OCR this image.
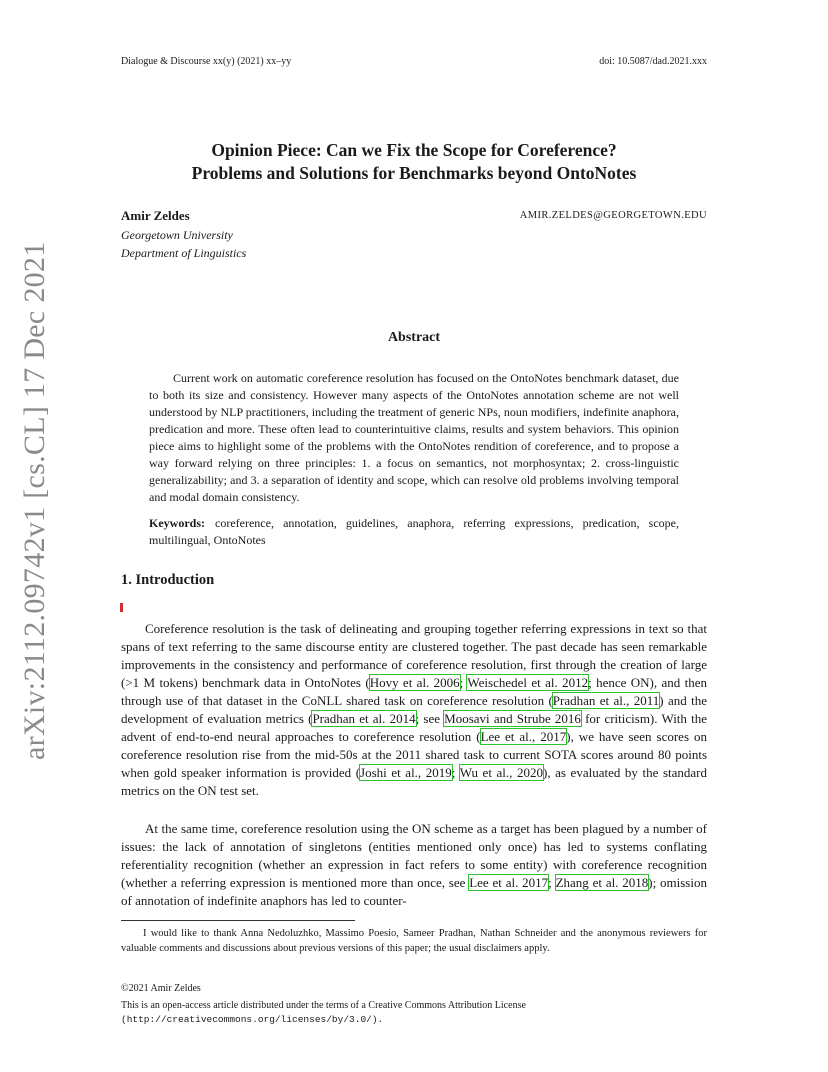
Dialogue & Discourse xx(y) (2021) xx–yy	doi: 10.5087/dad.2021.xxx
arXiv:2112.09742v1 [cs.CL] 17 Dec 2021
Opinion Piece: Can we Fix the Scope for Coreference?
Problems and Solutions for Benchmarks beyond OntoNotes
Amir Zeldes	AMIR.ZELDES@GEORGETOWN.EDU
Georgetown University
Department of Linguistics
Abstract

Current work on automatic coreference resolution has focused on the OntoNotes benchmark dataset, due to both its size and consistency. However many aspects of the OntoNotes annotation scheme are not well understood by NLP practitioners, including the treatment of generic NPs, noun modifiers, indefinite anaphora, predication and more. These often lead to counterintuitive claims, results and system behaviors. This opinion piece aims to highlight some of the problems with the OntoNotes rendition of coreference, and to propose a way forward relying on three principles: 1. a focus on semantics, not morphosyntax; 2. cross-linguistic generalizability; and 3. a separation of identity and scope, which can resolve old problems involving temporal and modal domain consistency.

Keywords: coreference, annotation, guidelines, anaphora, referring expressions, predication, scope, multilingual, OntoNotes
1. Introduction

Coreference resolution is the task of delineating and grouping together referring expressions in text so that spans of text referring to the same discourse entity are clustered together. The past decade has seen remarkable improvements in the consistency and performance of coreference resolution, first through the creation of large (>1 M tokens) benchmark data in OntoNotes (Hovy et al. 2006; Weischedel et al. 2012; hence ON), and then through use of that dataset in the CoNLL shared task on coreference resolution (Pradhan et al., 2011) and the development of evaluation metrics (Pradhan et al. 2014; see Moosavi and Strube 2016 for criticism). With the advent of end-to-end neural approaches to coreference resolution (Lee et al., 2017), we have seen scores on coreference resolution rise from the mid-50s at the 2011 shared task to current SOTA scores around 80 points when gold speaker information is provided (Joshi et al., 2019; Wu et al., 2020), as evaluated by the standard metrics on the ON test set.

At the same time, coreference resolution using the ON scheme as a target has been plagued by a number of issues: the lack of annotation of singletons (entities mentioned only once) has led to systems conflating referentiality recognition (whether an expression in fact refers to some entity) with coreference recognition (whether a referring expression is mentioned more than once, see Lee et al. 2017; Zhang et al. 2018); omission of annotation of indefinite anaphors has led to counter-

I would like to thank Anna Nedoluzhko, Massimo Poesio, Sameer Pradhan, Nathan Schneider and the anonymous reviewers for valuable comments and discussions about previous versions of this paper; the usual disclaimers apply.

©2021 Amir Zeldes
This is an open-access article distributed under the terms of a Creative Commons Attribution License
(http://creativecommons.org/licenses/by/3.0/).
